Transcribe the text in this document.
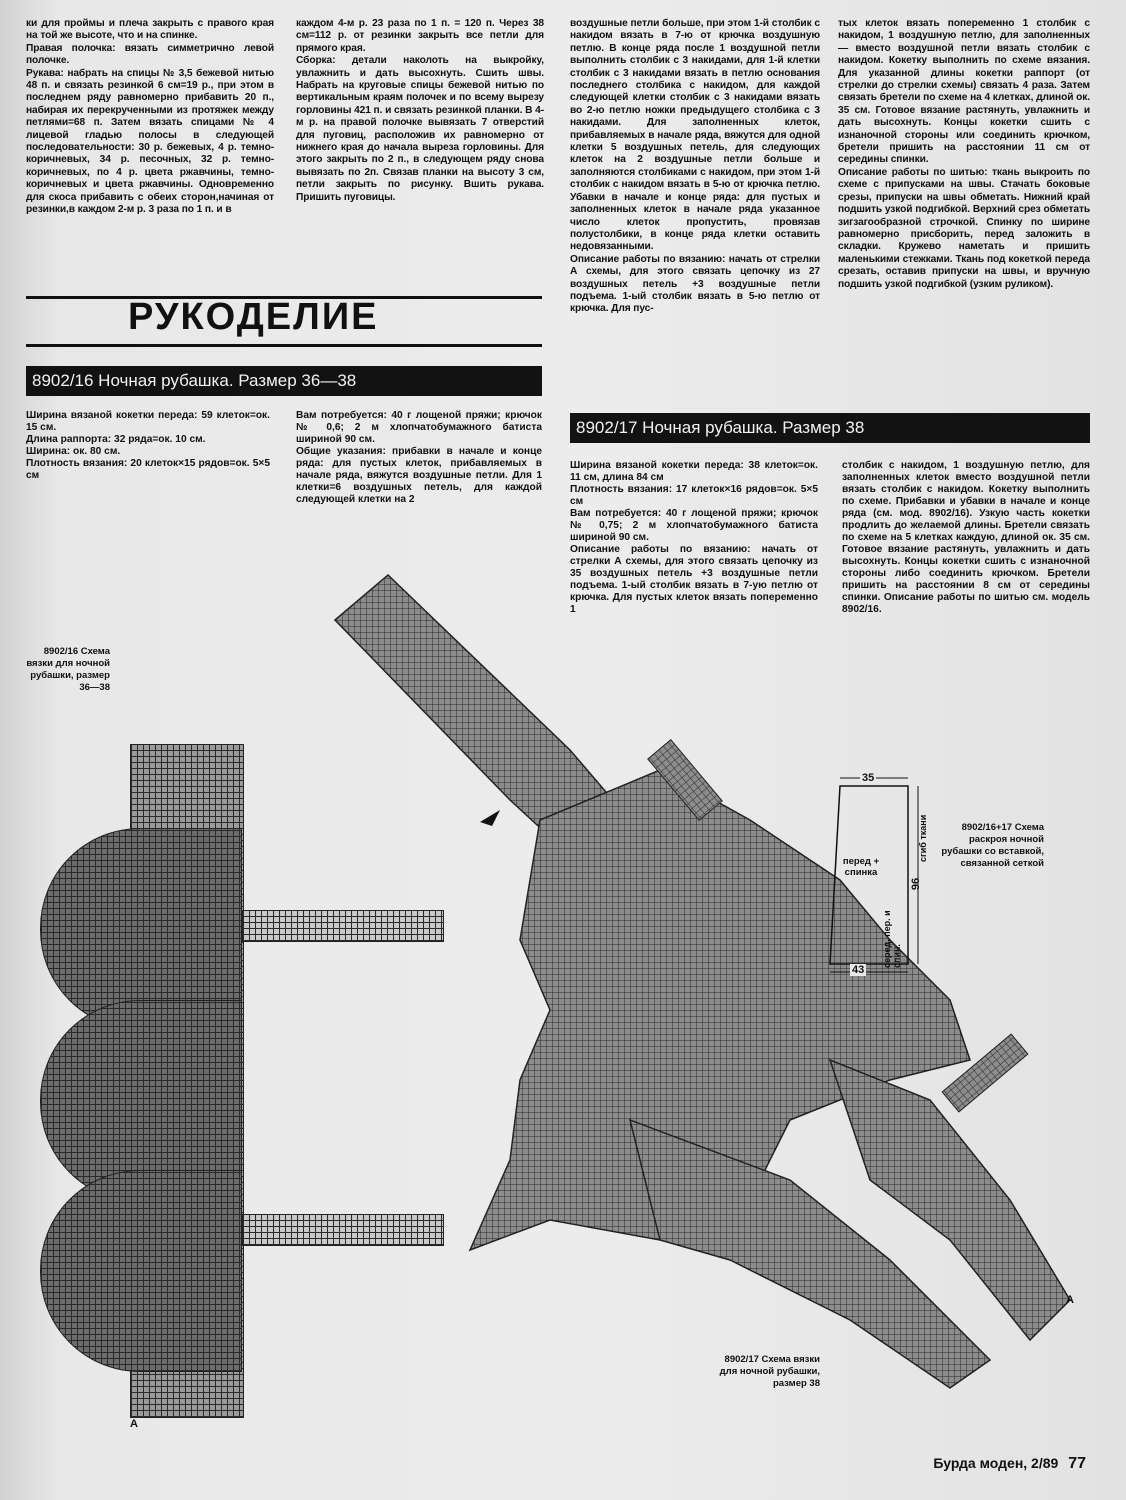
ки для проймы и плеча закрыть с правого края на той же высоте, что и на спинке.
Правая полочка: вязать симметрично левой полочке.
Рукава: набрать на спицы № 3,5 бежевой нитью 48 п. и связать резинкой 6 см=19 р., при этом в последнем ряду равномерно прибавить 20 п., набирая их перекрученными из протяжек между петлями=68 п. Затем вязать спицами № 4 лицевой гладью полосы в следующей последовательности: 30 р. бежевых, 4 р. темно-коричневых, 34 р. песочных, 32 р. темно-коричневых, по 4 р. цвета ржавчины, темно-коричневых и цвета ржавчины. Одновременно для скоса прибавить с обеих сторон,начиная от резинки,в каждом 2-м р. 3 раза по 1 п. и в
каждом 4-м р. 23 раза по 1 п. = 120 п. Через 38 см=112 р. от резинки закрыть все петли для прямого края.
Сборка: детали наколоть на выкройку, увлажнить и дать высохнуть. Сшить швы. Набрать на круговые спицы бежевой нитью по вертикальным краям полочек и по всему вырезу горловины 421 п. и связать резинкой планки. В 4-м р. на правой полочке вывязать 7 отверстий для пуговиц, расположив их равномерно от нижнего края до начала выреза горловины. Для этого закрыть по 2 п., в следующем ряду снова вывязать по 2п. Связав планки на высоту 3 см, петли закрыть по рисунку. Вшить рукава. Пришить пуговицы.
воздушные петли больше, при этом 1-й столбик с накидом вязать в 7-ю от крючка воздушную петлю. В конце ряда после 1 воздушной петли выполнить столбик с 3 накидами, для 1-й клетки столбик с 3 накидами вязать в петлю основания последнего столбика с накидом, для каждой следующей клетки столбик с 3 накидами вязать во 2-ю петлю ножки предыдущего столбика с 3 накидами. Для заполненных клеток, прибавляемых в начале ряда, вяжутся для одной клетки 5 воздушных петель, для следующих клеток на 2 воздушные петли больше и заполняются столбиками с накидом, при этом 1-й столбик с накидом вязать в 5-ю от крючка петлю. Убавки в начале и конце ряда: для пустых и заполненных клеток в начале ряда указанное число клеток пропустить, провязав полустолбики, в конце ряда клетки оставить недовязанными.
Описание работы по вязанию: начать от стрелки А схемы, для этого связать цепочку из 27 воздушных петель +3 воздушные петли подъема. 1-ый столбик вязать в 5-ю петлю от крючка. Для пус-
тых клеток вязать попеременно 1 столбик с накидом, 1 воздушную петлю, для заполненных — вместо воздушной петли вязать столбик с накидом. Кокетку выполнить по схеме вязания. Для указанной длины кокетки раппорт (от стрелки до стрелки схемы) связать 4 раза. Затем связать бретели по схеме на 4 клетках, длиной ок. 35 см. Готовое вязание растянуть, увлажнить и дать высохнуть. Концы кокетки сшить с изнаночной стороны или соединить крючком, бретели пришить на расстоянии 11 см от середины спинки.
Описание работы по шитью: ткань выкроить по схеме с припусками на швы. Стачать боковые срезы, припуски на швы обметать. Нижний край подшить узкой подгибкой. Верхний срез обметать зигзагообразной строчкой. Спинку по ширине равномерно присборить, перед заложить в складки. Кружево наметать и пришить маленькими стежками. Ткань под кокеткой переда срезать, оставив припуски на швы, и вручную подшить узкой подгибкой (узким руликом).
РУКОДЕЛИЕ
8902/16 Ночная рубашка. Размер 36—38
Ширина вязаной кокетки переда: 59 клеток=ок. 15 см.
Длина раппорта: 32 ряда=ок. 10 см.
Ширина: ок. 80 см.
Плотность вязания: 20 клеток×15 рядов=ок. 5×5 см
Вам потребуется: 40 г лощеной пряжи; крючок № 0,6; 2 м хлопчатобумажного батиста шириной 90 см.
Общие указания: прибавки в начале и конце ряда: для пустых клеток, прибавляемых в начале ряда, вяжутся воздушные петли. Для 1 клетки=6 воздушных петель, для каждой следующей клетки на 2
8902/17 Ночная рубашка. Размер 38
Ширина вязаной кокетки переда: 38 клеток=ок. 11 см, длина 84 см
Плотность вязания: 17 клеток×16 рядов=ок. 5×5 см
Вам потребуется: 40 г лощеной пряжи; крючок № 0,75; 2 м хлопчатобумажного батиста шириной 90 см.
Описание работы по вязанию: начать от стрелки А схемы, для этого связать цепочку из 35 воздушных петель +3 воздушные петли подъема. 1-ый столбик вязать в 7-ую петлю от крючка. Для пустых клеток вязать попеременно 1
столбик с накидом, 1 воздушную петлю, для заполненных клеток вместо воздушной петли вязать столбик с накидом. Кокетку выполнить по схеме. Прибавки и убавки в начале и конце ряда (см. мод. 8902/16). Узкую часть кокетки продлить до желаемой длины. Бретели связать по схеме на 5 клетках каждую, длиной ок. 35 см. Готовое вязание растянуть, увлажнить и дать высохнуть. Концы кокетки сшить с изнаночной стороны либо соединить крючком. Бретели пришить на расстоянии 8 см от середины спинки. Описание работы по шитью см. модель 8902/16.
8902/16 Схема вязки для ночной рубашки, размер 36—38
A
A
8902/17 Схема вязки для ночной рубашки, размер 38
35
43
96
перед + спинка
сгиб ткани
серед. пер. и спин.
8902/16+17 Схема раскроя ночной рубашки со вставкой, связанной сеткой
Бурда моден, 2/89 77
